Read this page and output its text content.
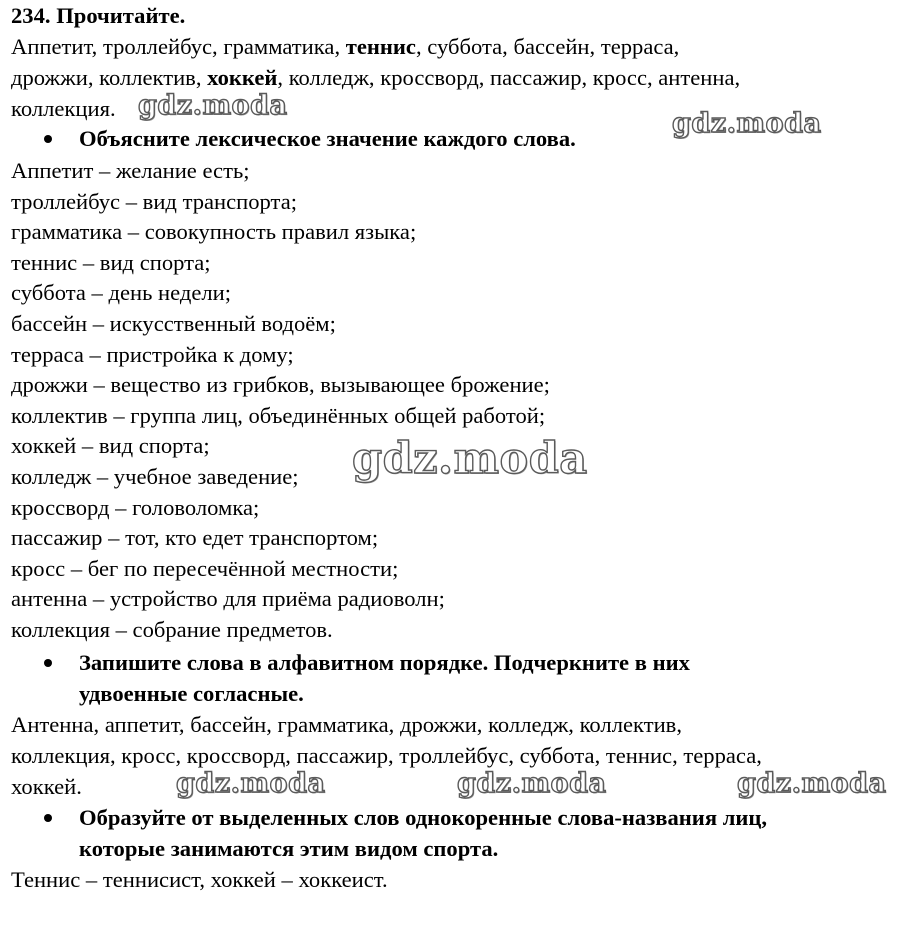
234. Прочитайте.
Аппетит, троллейбус, грамматика, теннис, суббота, бассейн, терраса,
дрожжи, коллектив, хоккей, колледж, кроссворд, пассажир, кросс, антенна,
коллекция.
Объясните лексическое значение каждого слова.
Аппетит – желание есть;
троллейбус – вид транспорта;
грамматика – совокупность правил языка;
теннис – вид спорта;
суббота – день недели;
бассейн – искусственный водоём;
терраса – пристройка к дому;
дрожжи – вещество из грибков, вызывающее брожение;
коллектив – группа лиц, объединённых общей работой;
хоккей – вид спорта;
колледж – учебное заведение;
кроссворд – головоломка;
пассажир – тот, кто едет транспортом;
кросс – бег по пересечённой местности;
антенна – устройство для приёма радиоволн;
коллекция – собрание предметов.
Запишите слова в алфавитном порядке. Подчеркните в них
удвоенные согласные.
Антенна, аппетит, бассейн, грамматика, дрожжи, колледж, коллектив,
коллекция, кросс, кроссворд, пассажир, троллейбус, суббота, теннис, терраса,
хоккей.
Образуйте от выделенных слов однокоренные слова-названия лиц,
которые занимаются этим видом спорта.
Теннис – теннисист, хоккей – хоккеист.
gdz.moda
gdz.moda
gdz.moda
gdz.moda	gdz.moda	gdz.moda
